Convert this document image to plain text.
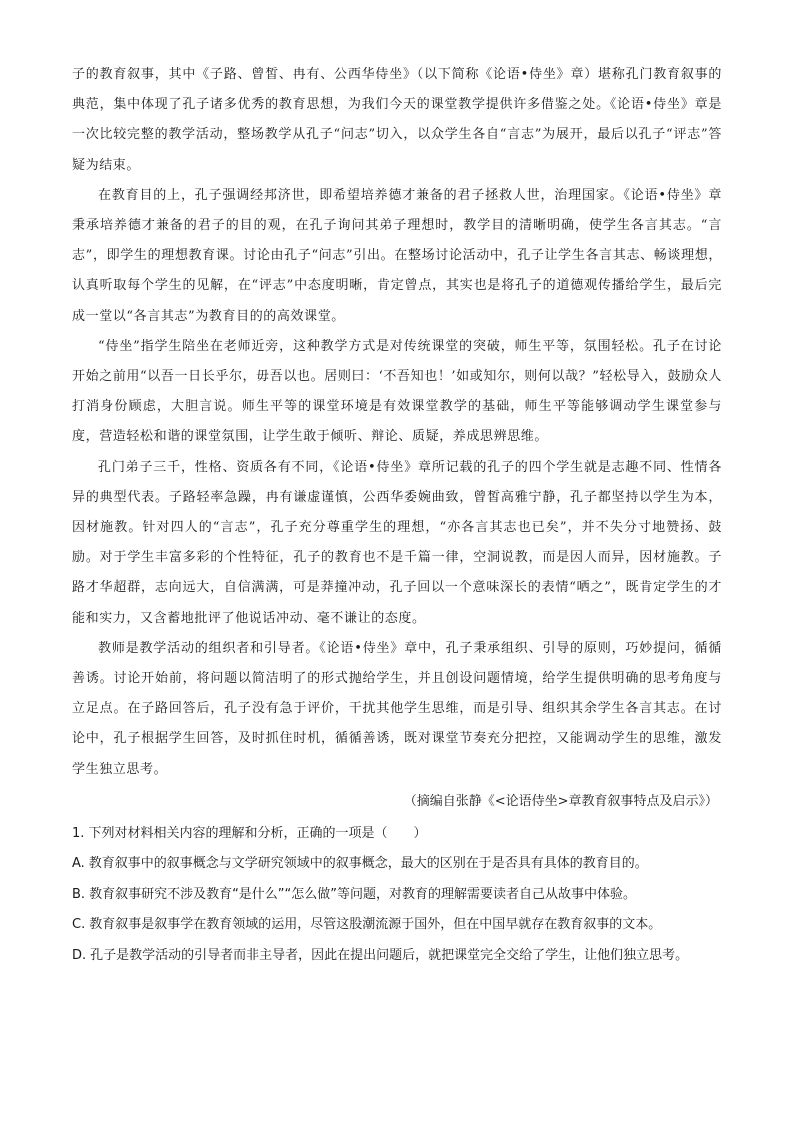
子的教育叙事，其中《子路、曾皙、冉有、公西华侍坐》（以下简称《论语•侍坐》章）堪称孔门教育叙事的典范，集中体现了孔子诸多优秀的教育思想，为我们今天的课堂教学提供许多借鉴之处。《论语•侍坐》章是一次比较完整的教学活动，整场教学从孔子“问志”切入，以众学生各自“言志”为展开，最后以孔子“评志”答疑为结束。

在教育目的上，孔子强调经邦济世，即希望培养德才兼备的君子拯救人世，治理国家。《论语•侍坐》章秉承培养德才兼备的君子的目的观，在孔子询问其弟子理想时，教学目的清晰明确，使学生各言其志。“言志”，即学生的理想教育课。讨论由孔子“问志”引出。在整场讨论活动中，孔子让学生各言其志、畅谈理想，认真听取每个学生的见解，在“评志”中态度明晰，肯定曾点，其实也是将孔子的道德观传播给学生，最后完成一堂以“各言其志”为教育目的的高效课堂。

“侍坐”指学生陪坐在老师近旁，这种教学方式是对传统课堂的突破，师生平等，氛围轻松。孔子在讨论开始之前用“以吾一日长乎尔，毋吾以也。居则曰：‘不吾知也！’如或知尔，则何以哉？”轻松导入，鼓励众人打消身份顾虑，大胆言说。师生平等的课堂环境是有效课堂教学的基础，师生平等能够调动学生课堂参与度，营造轻松和谐的课堂氛围，让学生敢于倾听、辩论、质疑，养成思辨思维。

孔门弟子三千，性格、资质各有不同，《论语•侍坐》章所记载的孔子的四个学生就是志趣不同、性情各异的典型代表。子路轻率急躁，冉有谦虚谨慎，公西华委婉曲致，曾皙高雅宁静，孔子都坚持以学生为本，因材施教。针对四人的“言志”，孔子充分尊重学生的理想，“亦各言其志也已矣”，并不失分寸地赞扬、鼓励。对于学生丰富多彩的个性特征，孔子的教育也不是千篇一律，空洞说教，而是因人而异，因材施教。子路才华超群，志向远大，自信满满，可是莽撞冲动，孔子回以一个意味深长的表情“哂之”，既肯定学生的才能和实力，又含蓄地批评了他说话冲动、毫不谦让的态度。

教师是教学活动的组织者和引导者。《论语•侍坐》章中，孔子秉承组织、引导的原则，巧妙提问，循循善诱。讨论开始前，将问题以简洁明了的形式抛给学生，并且创设问题情境，给学生提供明确的思考角度与立足点。在子路回答后，孔子没有急于评价，干扰其他学生思维，而是引导、组织其余学生各言其志。在讨论中，孔子根据学生回答，及时抓住时机，循循善诱，既对课堂节奏充分把控，又能调动学生的思维，激发学生独立思考。

（摘编自张静《<论语侍坐>章教育叙事特点及启示》）

1. 下列对材料相关内容的理解和分析，正确的一项是（　　）

A. 教育叙事中的叙事概念与文学研究领域中的叙事概念，最大的区别在于是否具有具体的教育目的。

B. 教育叙事研究不涉及教育“是什么”“怎么做”等问题，对教育的理解需要读者自己从故事中体验。

C. 教育叙事是叙事学在教育领域的运用，尽管这股潮流源于国外，但在中国早就存在教育叙事的文本。

D. 孔子是教学活动的引导者而非主导者，因此在提出问题后，就把课堂完全交给了学生，让他们独立思考。
